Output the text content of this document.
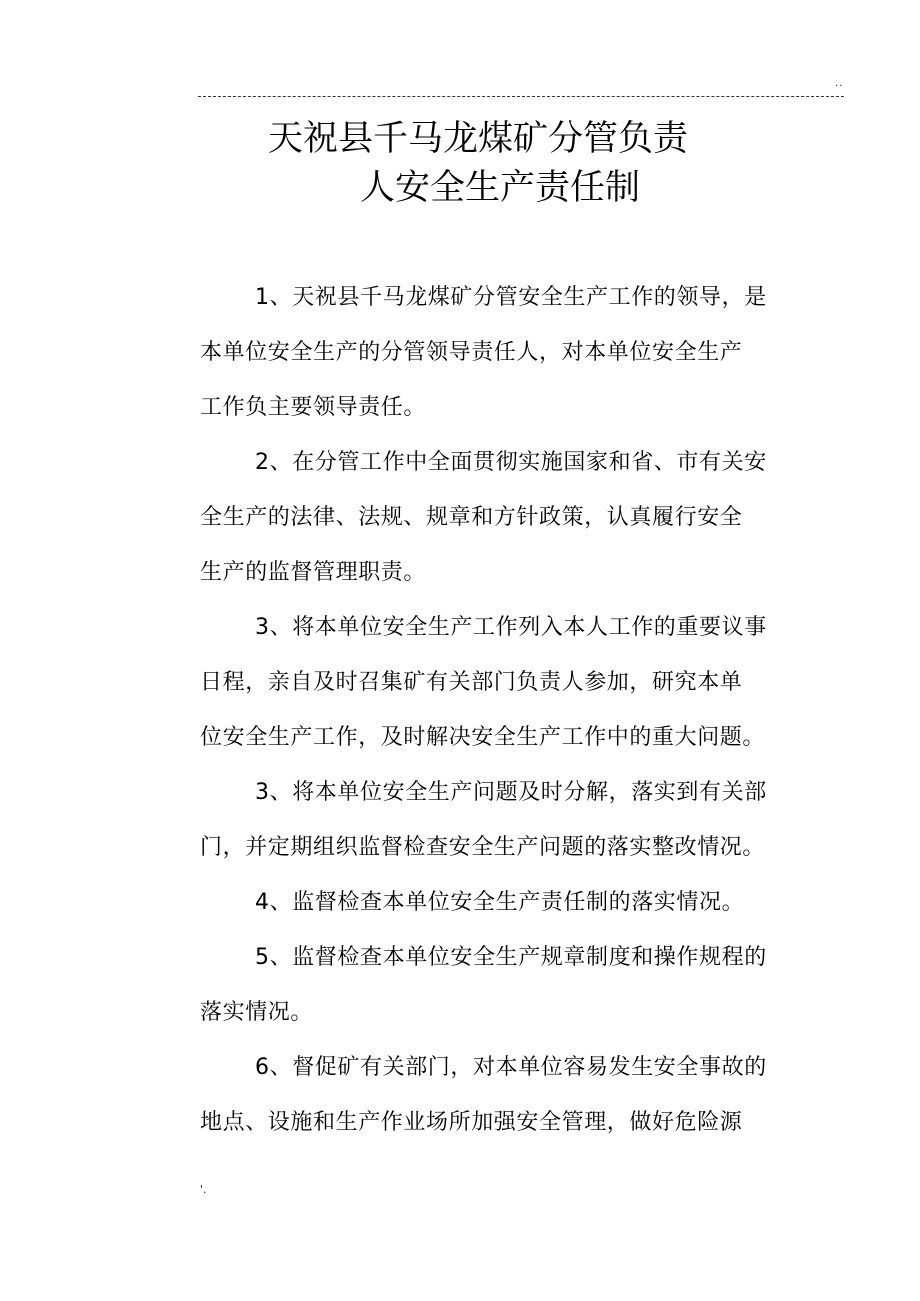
..
天祝县千马龙煤矿分管负责
人安全生产责任制
1、天祝县千马龙煤矿分管安全生产工作的领导，是
本单位安全生产的分管领导责任人，对本单位安全生产
工作负主要领导责任。
2、在分管工作中全面贯彻实施国家和省、市有关安
全生产的法律、法规、规章和方针政策，认真履行安全
生产的监督管理职责。
3、将本单位安全生产工作列入本人工作的重要议事
日程，亲自及时召集矿有关部门负责人参加，研究本单
位安全生产工作，及时解决安全生产工作中的重大问题。
3、将本单位安全生产问题及时分解，落实到有关部
门，并定期组织监督检查安全生产问题的落实整改情况。
4、监督检查本单位安全生产责任制的落实情况。
5、监督检查本单位安全生产规章制度和操作规程的
落实情况。
6、督促矿有关部门，对本单位容易发生安全事故的
地点、设施和生产作业场所加强安全管理，做好危险源
'.
